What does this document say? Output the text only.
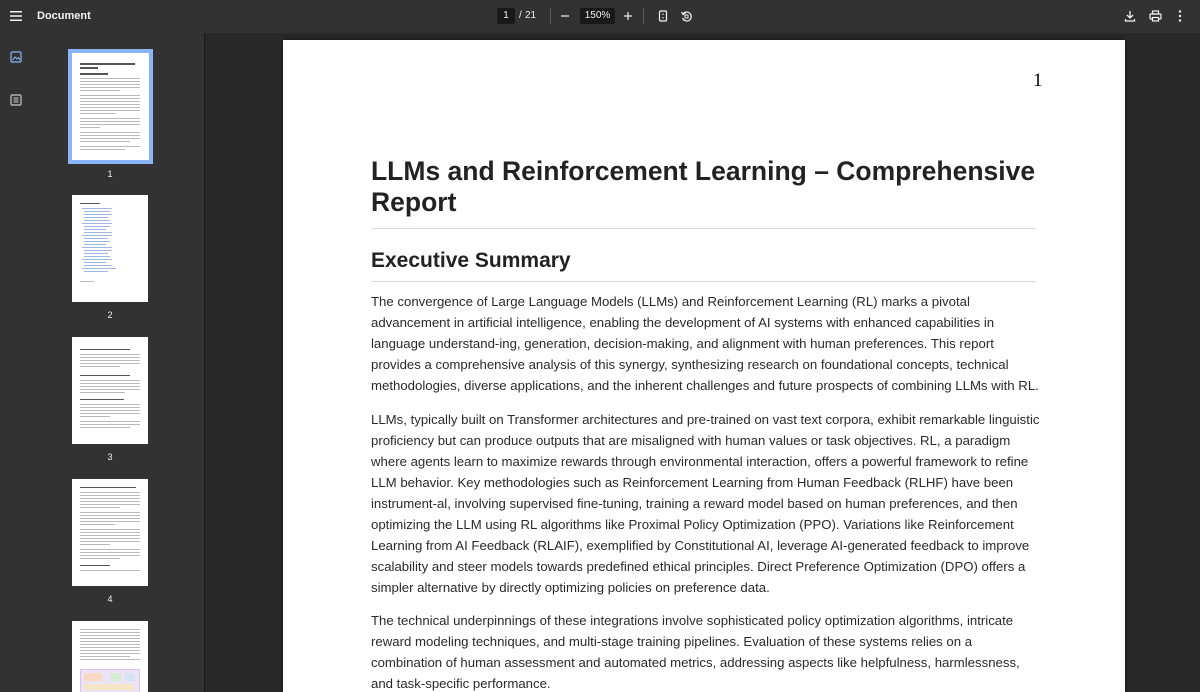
Document	1	/ 21	150%
1
2
3
4
1
LLMs and Reinforcement Learning – Comprehensive Report
Executive Summary

The convergence of Large Language Models (LLMs) and Reinforcement Learning (RL) marks a pivotal advancement in artificial intelligence, enabling the development of AI systems with enhanced capabilities in language understand-ing, generation, decision-making, and alignment with human preferences. This report provides a comprehensive analysis of this synergy, synthesizing research on foundational concepts, technical methodologies, diverse applications, and the inherent challenges and future prospects of combining LLMs with RL.

LLMs, typically built on Transformer architectures and pre-trained on vast text corpora, exhibit remarkable linguistic proficiency but can produce outputs that are misaligned with human values or task objectives. RL, a paradigm where agents learn to maximize rewards through environmental interaction, offers a powerful framework to refine LLM behavior. Key methodologies such as Reinforcement Learning from Human Feedback (RLHF) have been instrument-al, involving supervised fine-tuning, training a reward model based on human preferences, and then optimizing the LLM using RL algorithms like Proximal Policy Optimization (PPO). Variations like Reinforcement Learning from AI Feedback (RLAIF), exemplified by Constitutional AI, leverage AI-generated feedback to improve scalability and steer models towards predefined ethical principles. Direct Preference Optimization (DPO) offers a simpler alternative by directly optimizing policies on preference data.

The technical underpinnings of these integrations involve sophisticated policy optimization algorithms, intricate reward modeling techniques, and multi-stage training pipelines. Evaluation of these systems relies on a combination of human assessment and automated metrics, addressing aspects like helpfulness, harmlessness, and task-specific performance.
